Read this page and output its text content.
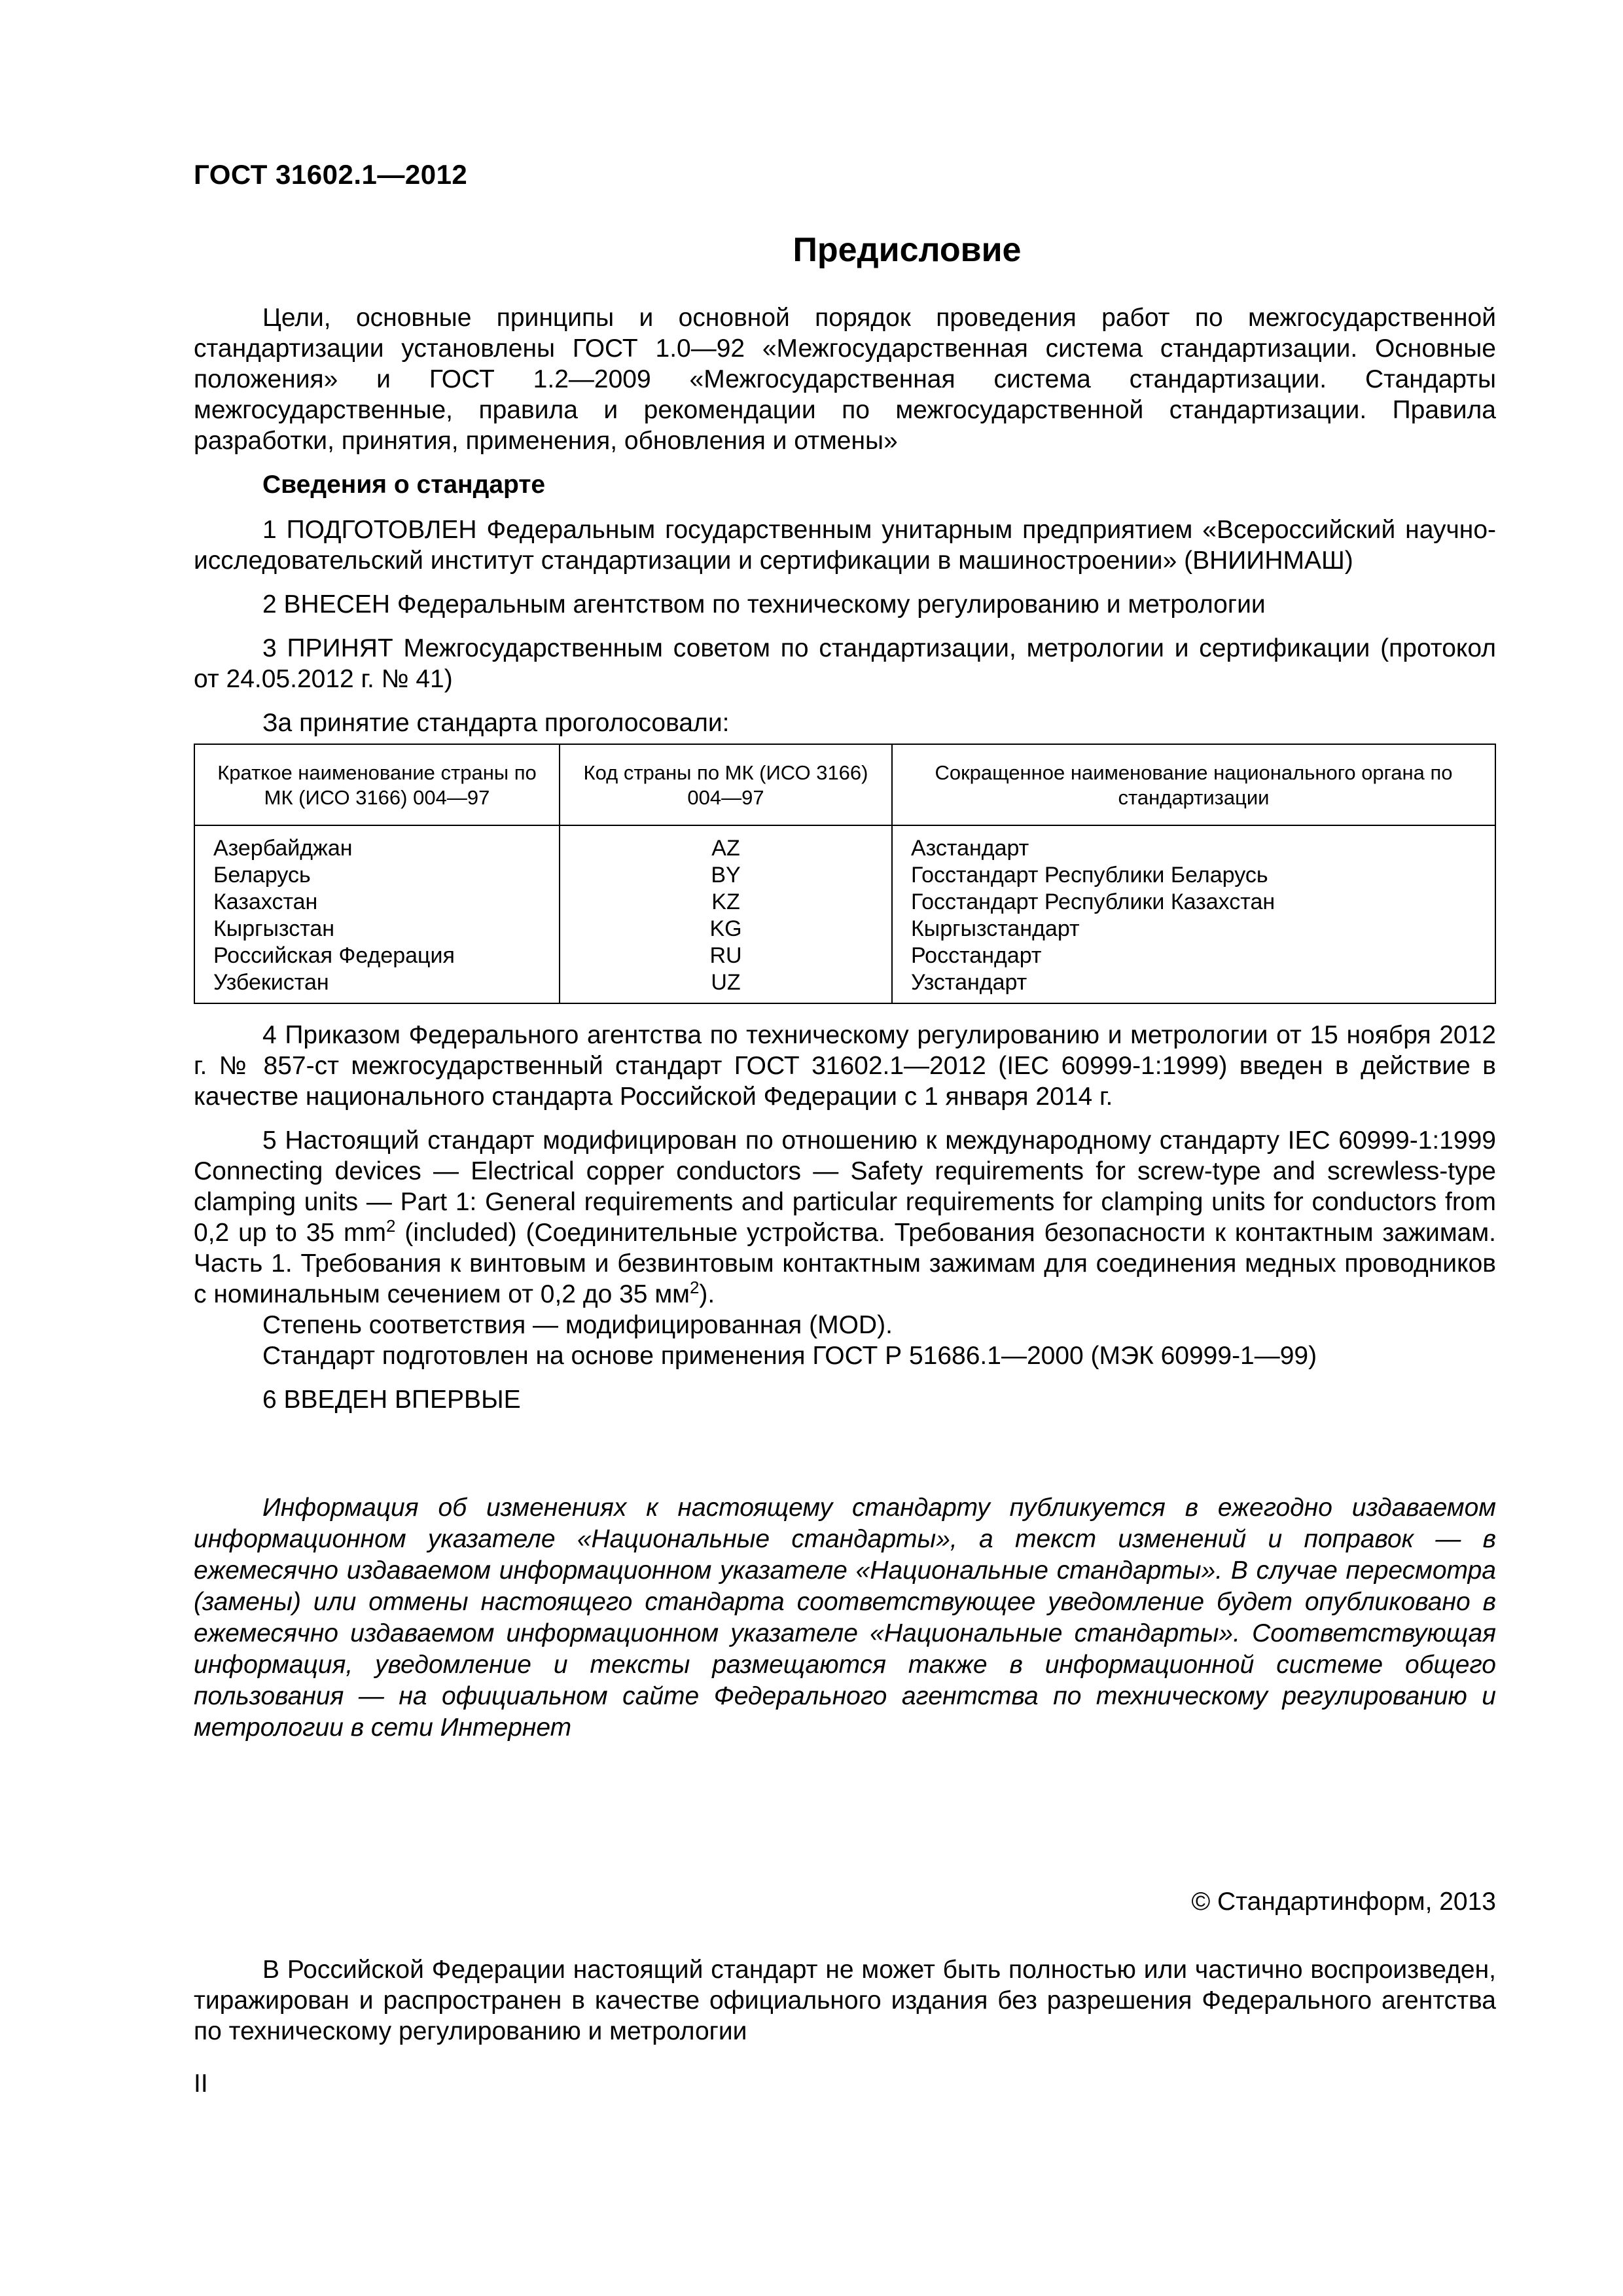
ГОСТ 31602.1—2012
Предисловие

Цели, основные принципы и основной порядок проведения работ по межгосударственной стандартизации установлены ГОСТ 1.0—92 «Межгосударственная система стандартизации. Основные положения» и ГОСТ 1.2—2009 «Межгосударственная система стандартизации. Стандарты межгосударственные, правила и рекомендации по межгосударственной стандартизации. Правила разработки, принятия, применения, обновления и отмены»

Сведения о стандарте

1 ПОДГОТОВЛЕН Федеральным государственным унитарным предприятием «Всероссийский научно-исследовательский институт стандартизации и сертификации в машиностроении» (ВНИИНМАШ)

2 ВНЕСЕН Федеральным агентством по техническому регулированию и метрологии

3 ПРИНЯТ Межгосударственным советом по стандартизации, метрологии и сертификации (протокол от 24.05.2012 г. № 41)

За принятие стандарта проголосовали:

Краткое наименование страны по МК (ИСО 3166) 004—97	Код страны по МК (ИСО 3166) 004—97	Сокращенное наименование национального органа по стандартизации
Азербайджан	AZ	Азстандарт
Беларусь	BY	Госстандарт Республики Беларусь
Казахстан	KZ	Госстандарт Республики Казахстан
Кыргызстан	KG	Кыргызстандарт
Российская Федерация	RU	Росстандарт
Узбекистан	UZ	Узстандарт

4 Приказом Федерального агентства по техническому регулированию и метрологии от 15 ноября 2012 г. № 857-ст межгосударственный стандарт ГОСТ 31602.1—2012 (IEC 60999-1:1999) введен в действие в качестве национального стандарта Российской Федерации с 1 января 2014 г.

5 Настоящий стандарт модифицирован по отношению к международному стандарту IEC 60999-1:1999 Connecting devices — Electrical copper conductors — Safety requirements for screw-type and screwless-type clamping units — Part 1: General requirements and particular requirements for clamping units for conductors from 0,2 up to 35 $mm^2$ (included) (Соединительные устройства. Требования безопасности к контактным зажимам. Часть 1. Требования к винтовым и безвинтовым контактным зажимам для соединения медных проводников с номинальным сечением от 0,2 до 35 $мм^2$).

Степень соответствия — модифицированная (MOD).

Стандарт подготовлен на основе применения ГОСТ Р 51686.1—2000 (МЭК 60999-1—99)

6 ВВЕДЕН ВПЕРВЫЕ

Информация об изменениях к настоящему стандарту публикуется в ежегодно издаваемом информационном указателе «Национальные стандарты», а текст изменений и поправок — в ежемесячно издаваемом информационном указателе «Национальные стандарты». В случае пересмотра (замены) или отмены настоящего стандарта соответствующее уведомление будет опубликовано в ежемесячно издаваемом информационном указателе «Национальные стандарты». Соответствующая информация, уведомление и тексты размещаются также в информационной системе общего пользования — на официальном сайте Федерального агентства по техническому регулированию и метрологии в сети Интернет
© Стандартинформ, 2013
В Российской Федерации настоящий стандарт не может быть полностью или частично воспроизведен, тиражирован и распространен в качестве официального издания без разрешения Федерального агентства по техническому регулированию и метрологии
II
